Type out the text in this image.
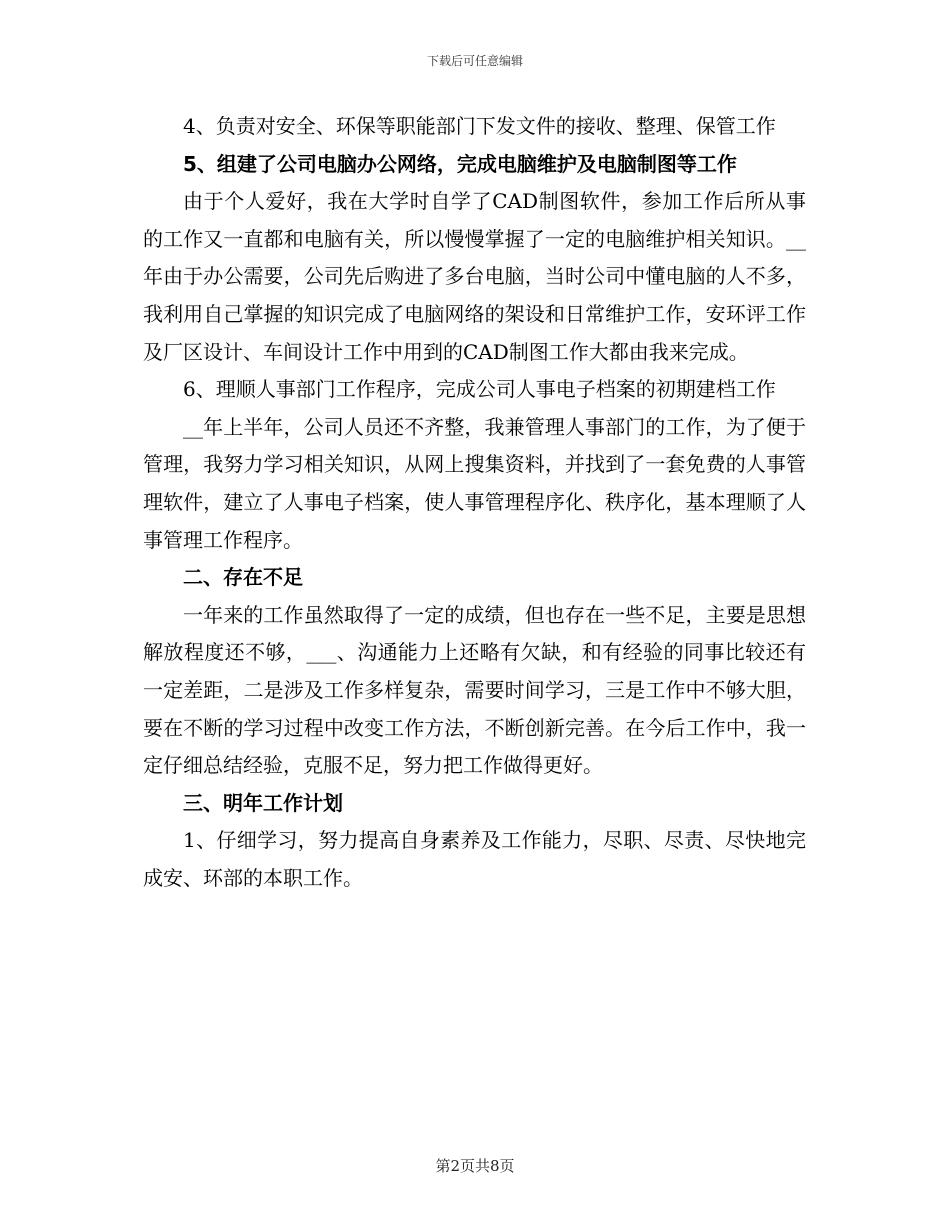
下载后可任意编辑

4、负责对安全、环保等职能部门下发文件的接收、整理、保管工作

5、组建了公司电脑办公网络，完成电脑维护及电脑制图等工作

由于个人爱好，我在大学时自学了CAD制图软件，参加工作后所从事的工作又一直都和电脑有关，所以慢慢掌握了一定的电脑维护相关知识。__年由于办公需要，公司先后购进了多台电脑，当时公司中懂电脑的人不多，我利用自己掌握的知识完成了电脑网络的架设和日常维护工作，安环评工作及厂区设计、车间设计工作中用到的CAD制图工作大都由我来完成。

6、理顺人事部门工作程序，完成公司人事电子档案的初期建档工作

__年上半年，公司人员还不齐整，我兼管理人事部门的工作，为了便于管理，我努力学习相关知识，从网上搜集资料，并找到了一套免费的人事管理软件，建立了人事电子档案，使人事管理程序化、秩序化，基本理顺了人事管理工作程序。

二、存在不足

一年来的工作虽然取得了一定的成绩，但也存在一些不足，主要是思想解放程度还不够，___、沟通能力上还略有欠缺，和有经验的同事比较还有一定差距，二是涉及工作多样复杂，需要时间学习，三是工作中不够大胆，要在不断的学习过程中改变工作方法，不断创新完善。在今后工作中，我一定仔细总结经验，克服不足，努力把工作做得更好。

三、明年工作计划

1、仔细学习，努力提高自身素养及工作能力，尽职、尽责、尽快地完成安、环部的本职工作。

第2页共8页
